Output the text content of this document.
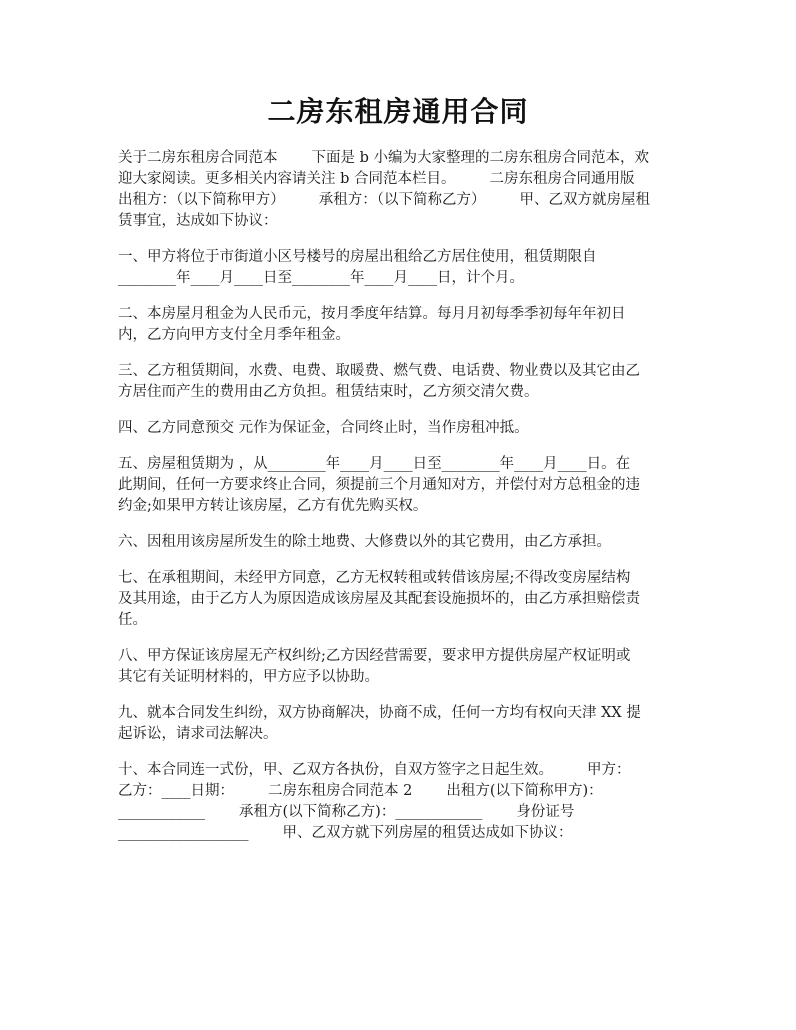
二房东租房通用合同

关于二房东租房合同范本 下面是 b 小编为大家整理的二房东租房合同范本，欢
迎大家阅读。更多相关内容请关注 b 合同范本栏目。 二房东租房合同通用版
出租方：（以下简称甲方） 承租方：（以下简称乙方） 甲、乙双方就房屋租
赁事宜，达成如下协议：

一、甲方将位于市街道小区号楼号的房屋出租给乙方居住使用，租赁期限自
________年____月____日至________年____月____日，计个月。

二、本房屋月租金为人民币元，按月季度年结算。每月月初每季季初每年年初日
内，乙方向甲方支付全月季年租金。

三、乙方租赁期间，水费、电费、取暖费、燃气费、电话费、物业费以及其它由乙
方居住而产生的费用由乙方负担。租赁结束时，乙方须交清欠费。

四、乙方同意预交 元作为保证金，合同终止时，当作房租冲抵。

五、房屋租赁期为 ，从________年____月____日至________年____月____日。在
此期间，任何一方要求终止合同，须提前三个月通知对方，并偿付对方总租金的违
约金;如果甲方转让该房屋，乙方有优先购买权。

六、因租用该房屋所发生的除土地费、大修费以外的其它费用，由乙方承担。

七、在承租期间，未经甲方同意，乙方无权转租或转借该房屋;不得改变房屋结构
及其用途，由于乙方人为原因造成该房屋及其配套设施损坏的，由乙方承担赔偿责
任。

八、甲方保证该房屋无产权纠纷;乙方因经营需要，要求甲方提供房屋产权证明或
其它有关证明材料的，甲方应予以协助。

九、就本合同发生纠纷，双方协商解决，协商不成，任何一方均有权向天津 XX 提
起诉讼，请求司法解决。

十、本合同连一式份，甲、乙双方各执份，自双方签字之日起生效。 甲方：
乙方：____日期： 二房东租房合同范本 2 出租方(以下简称甲方)：
____________ 承租方(以下简称乙方)：____________ 身份证号
__________________ 甲、乙双方就下列房屋的租赁达成如下协议：
